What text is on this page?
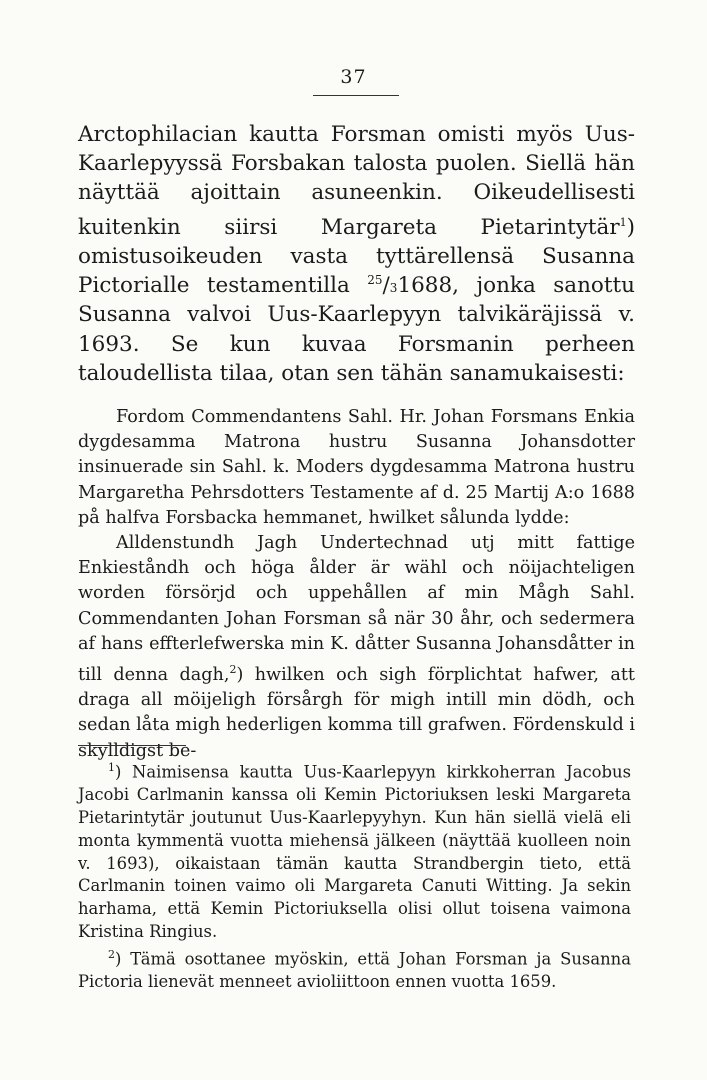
37

Arctophilacian kautta Forsman omisti myös Uus-Kaarlepyyssä Forsbakan talosta puolen. Siellä hän näyttää ajoittain asuneenkin. Oikeudellisesti kuitenkin siirsi Margareta Pietarintytär$^1$) omistusoikeuden vasta tyttärellensä Susanna Pictorialle testamentilla $^{25}$/31688, jonka sanottu Susanna valvoi Uus-Kaarlepyyn talvikäräjissä v. 1693. Se kun kuvaa Forsmanin perheen taloudellista tilaa, otan sen tähän sanamukaisesti:

Fordom Commendantens Sahl. Hr. Johan Forsmans Enkia dygdesamma Matrona hustru Susanna Johansdotter insinuerade sin Sahl. k. Moders dygdesamma Matrona hustru Margaretha Pehrsdotters Testamente af d. 25 Martij A:o 1688 på halfva Forsbacka hemmanet, hwilket sålunda lydde:

Alldenstundh Jagh Undertechnad utj mitt fattige Enkieståndh och höga ålder är wähl och nöijachteligen worden försörjd och uppehållen af min Mågh Sahl. Commendanten Johan Forsman så när 30 åhr, och sedermera af hans effterlefwerska min K. dåtter Susanna Johansdåtter in till denna dagh,$^2$) hwilken och sigh förplichtat hafwer, att draga all möijeligh försårgh för migh intill min dödh, och sedan låta migh hederligen komma till grafwen. Fördenskuld i skylldigst be-

$^1$) Naimisensa kautta Uus-Kaarlepyyn kirkkoherran Jacobus Jacobi Carlmanin kanssa oli Kemin Pictoriuksen leski Margareta Pietarintytär joutunut Uus-Kaarlepyyhyn. Kun hän siellä vielä eli monta kymmentä vuotta miehensä jälkeen (näyttää kuolleen noin v. 1693), oikaistaan tämän kautta Strandbergin tieto, että Carlmanin toinen vaimo oli Margareta Canuti Witting. Ja sekin harhama, että Kemin Pictoriuksella olisi ollut toisena vaimona Kristina Ringius.

$^2$) Tämä osottanee myöskin, että Johan Forsman ja Susanna Pictoria lienevät menneet avioliittoon ennen vuotta 1659.
